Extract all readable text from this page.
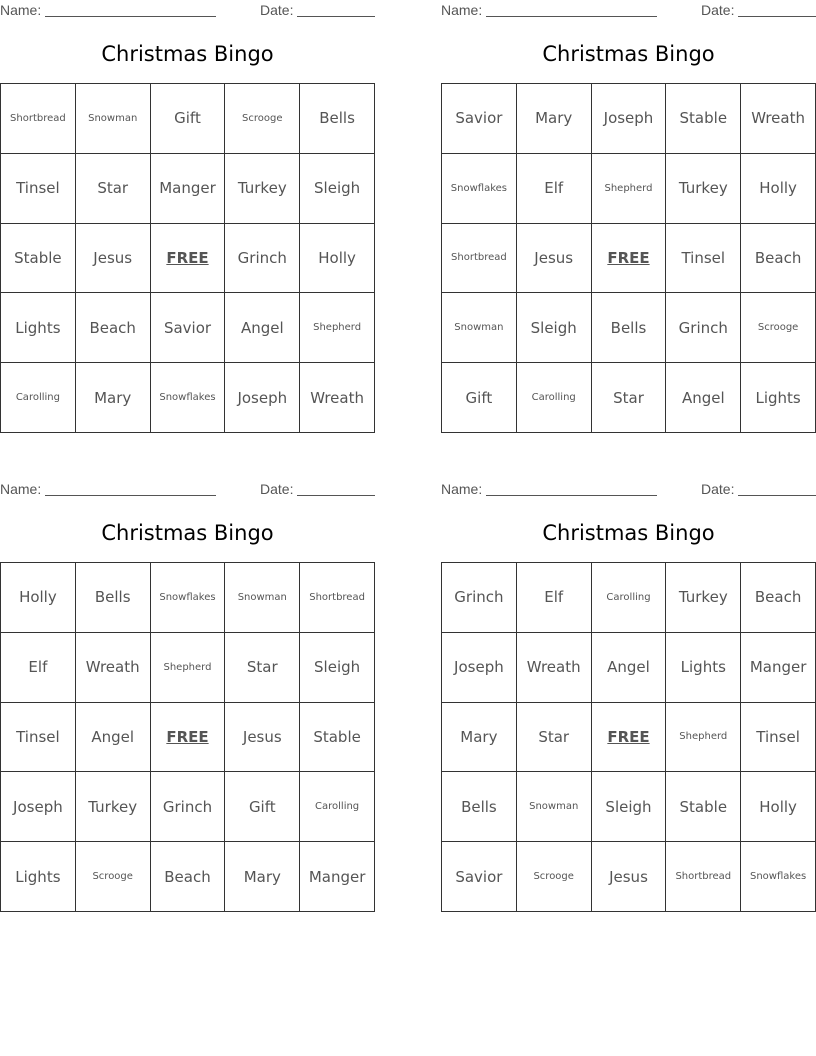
Name:	Date:
Christmas Bingo
Shortbread	Snowman	Gift	Scrooge	Bells
Tinsel	Star	Manger	Turkey	Sleigh
Stable	Jesus	FREE	Grinch	Holly
Lights	Beach	Savior	Angel	Shepherd
Carolling	Mary	Snowflakes	Joseph	Wreath
Name:	Date:
Christmas Bingo
Savior	Mary	Joseph	Stable	Wreath
Snowflakes	Elf	Shepherd	Turkey	Holly
Shortbread	Jesus	FREE	Tinsel	Beach
Snowman	Sleigh	Bells	Grinch	Scrooge
Gift	Carolling	Star	Angel	Lights
Name:	Date:
Christmas Bingo
Holly	Bells	Snowflakes	Snowman	Shortbread
Elf	Wreath	Shepherd	Star	Sleigh
Tinsel	Angel	FREE	Jesus	Stable
Joseph	Turkey	Grinch	Gift	Carolling
Lights	Scrooge	Beach	Mary	Manger
Name:	Date:
Christmas Bingo
Grinch	Elf	Carolling	Turkey	Beach
Joseph	Wreath	Angel	Lights	Manger
Mary	Star	FREE	Shepherd	Tinsel
Bells	Snowman	Sleigh	Stable	Holly
Savior	Scrooge	Jesus	Shortbread	Snowflakes
